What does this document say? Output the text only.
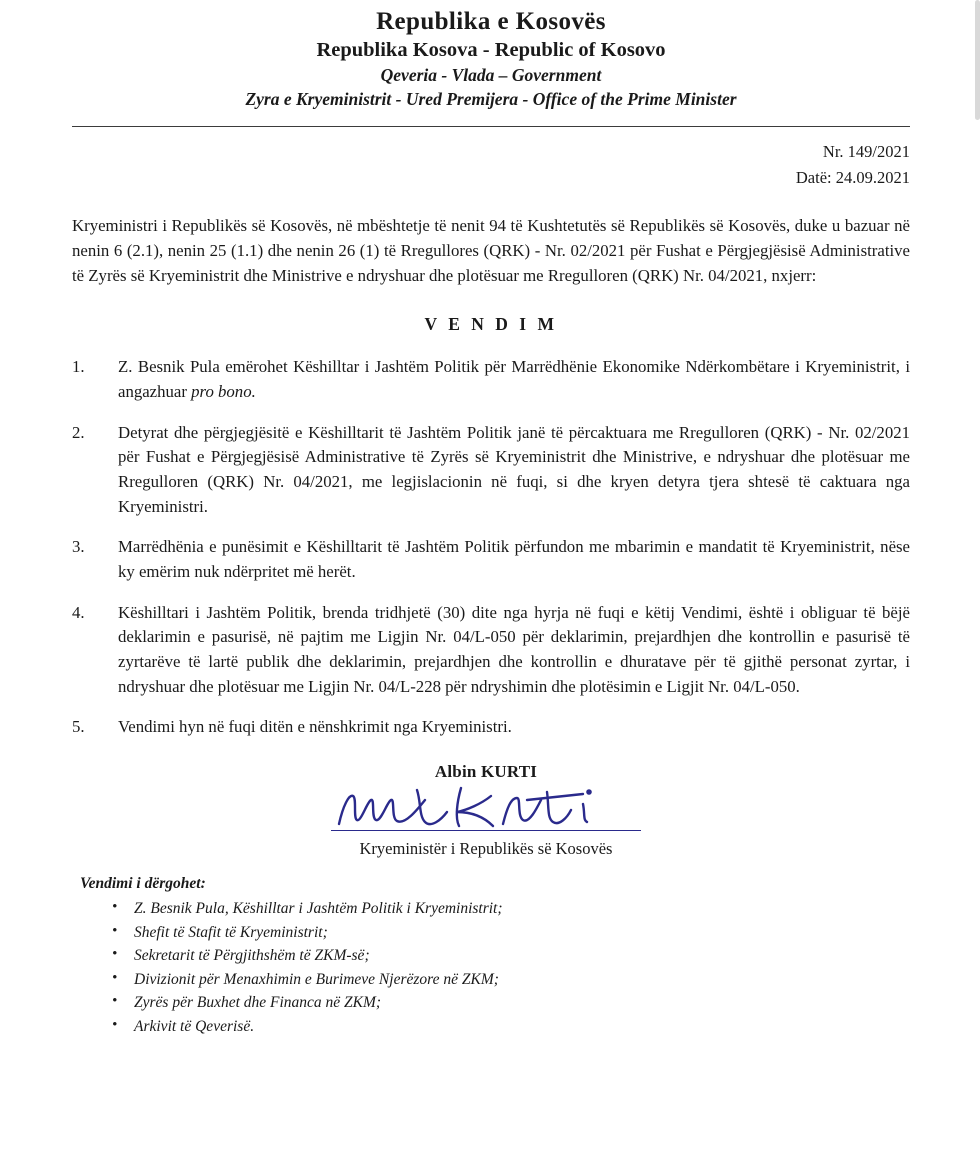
Republika e Kosovës
Republika Kosova - Republic of Kosovo
Qeveria - Vlada – Government
Zyra e Kryeministrit - Ured Premijera - Office of the Prime Minister
Nr. 149/2021
Datë: 24.09.2021
Kryeministri i Republikës së Kosovës, në mbështetje të nenit 94 të Kushtetutës së Republikës së Kosovës, duke u bazuar në nenin 6 (2.1), nenin 25 (1.1) dhe nenin 26 (1) të Rregullores (QRK) - Nr. 02/2021 për Fushat e Përgjegjësisë Administrative të Zyrës së Kryeministrit dhe Ministrive e ndryshuar dhe plotësuar me Rregulloren (QRK) Nr. 04/2021, nxjerr:
V E N D I M
1.	Z. Besnik Pula emërohet Këshilltar i Jashtëm Politik për Marrëdhënie Ekonomike Ndërkombëtare i Kryeministrit, i angazhuar pro bono.
2.	Detyrat dhe përgjegjësitë e Këshilltarit të Jashtëm Politik janë të përcaktuara me Rregulloren (QRK) - Nr. 02/2021 për Fushat e Përgjegjësisë Administrative të Zyrës së Kryeministrit dhe Ministrive, e ndryshuar dhe plotësuar me Rregulloren (QRK) Nr. 04/2021, me legjislacionin në fuqi, si dhe kryen detyra tjera shtesë të caktuara nga Kryeministri.
3.	Marrëdhënia e punësimit e Këshilltarit të Jashtëm Politik përfundon me mbarimin e mandatit të Kryeministrit, nëse ky emërim nuk ndërpritet më herët.
4.	Këshilltari i Jashtëm Politik, brenda tridhjetë (30) dite nga hyrja në fuqi e këtij Vendimi, është i obliguar të bëjë deklarimin e pasurisë, në pajtim me Ligjin Nr. 04/L-050 për deklarimin, prejardhjen dhe kontrollin e pasurisë të zyrtarëve të lartë publik dhe deklarimin, prejardhjen dhe kontrollin e dhuratave për të gjithë personat zyrtar, i ndryshuar dhe plotësuar me Ligjin Nr. 04/L-228 për ndryshimin dhe plotësimin e Ligjit Nr. 04/L-050.
5.	Vendimi hyn në fuqi ditën e nënshkrimit nga Kryeministri.
Albin KURTI
Kryeministër i Republikës së Kosovës
Vendimi i dërgohet:
• Z. Besnik Pula, Këshilltar i Jashtëm Politik i Kryeministrit;
• Shefit të Stafit të Kryeministrit;
• Sekretarit të Përgjithshëm të ZKM-së;
• Divizionit për Menaxhimin e Burimeve Njerëzore në ZKM;
• Zyrës për Buxhet dhe Financa në ZKM;
• Arkivit të Qeverisë.
